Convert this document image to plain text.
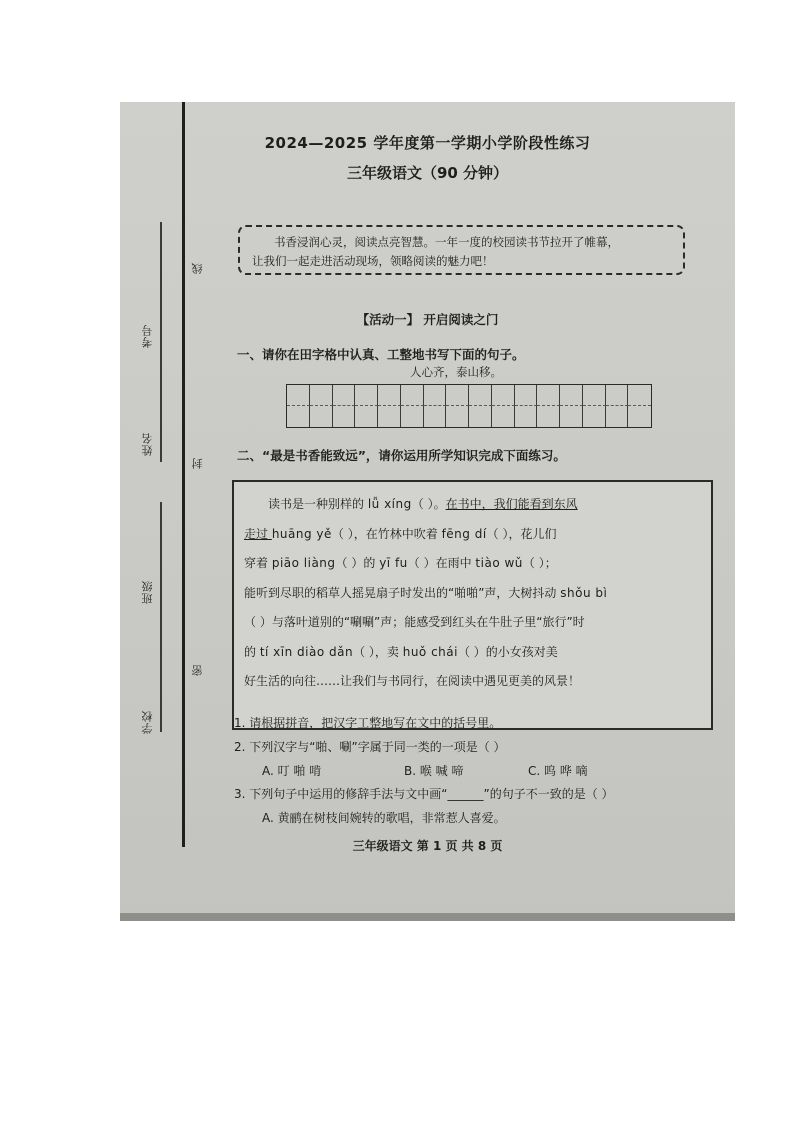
考号
姓名
班级
学校
线
封
密
2024—2025 学年度第一学期小学阶段性练习
三年级语文（90 分钟）
书香浸润心灵，阅读点亮智慧。一年一度的校园读书节拉开了帷幕，
让我们一起走进活动现场，领略阅读的魅力吧！
【活动一】 开启阅读之门
一、请你在田字格中认真、工整地书写下面的句子。
人心齐，泰山移。
二、“最是书香能致远”，请你运用所学知识完成下面练习。
读书是一种别样的 lǚ xíng（ ）。在书中，我们能看到东风
走过 huāng yě（ ），在竹林中吹着 fēng dí（ ），花儿们
穿着 piāo liàng（ ）的 yī fu（ ）在雨中 tiào wǔ（ ）；
能听到尽职的稻草人摇晃扇子时发出的“啪啪”声，大树抖动 shǒu bì
（ ）与落叶道别的“唰唰”声；能感受到红头在牛肚子里“旅行”时
的 tí xīn diào dǎn（ ），卖 huǒ chái（ ）的小女孩对美
好生活的向往……让我们与书同行，在阅读中遇见更美的风景！
1. 请根据拼音，把汉字工整地写在文中的括号里。
2. 下列汉字与“啪、唰”字属于同一类的一项是（ ）
A. 叮 啪 啃	B. 喉 喊 啼	C. 呜 哗 嘀
3. 下列句子中运用的修辞手法与文中画“______”的句子不一致的是（ ）
A. 黄鹂在树枝间婉转的歌唱，非常惹人喜爱。
三年级语文 第 1 页 共 8 页
